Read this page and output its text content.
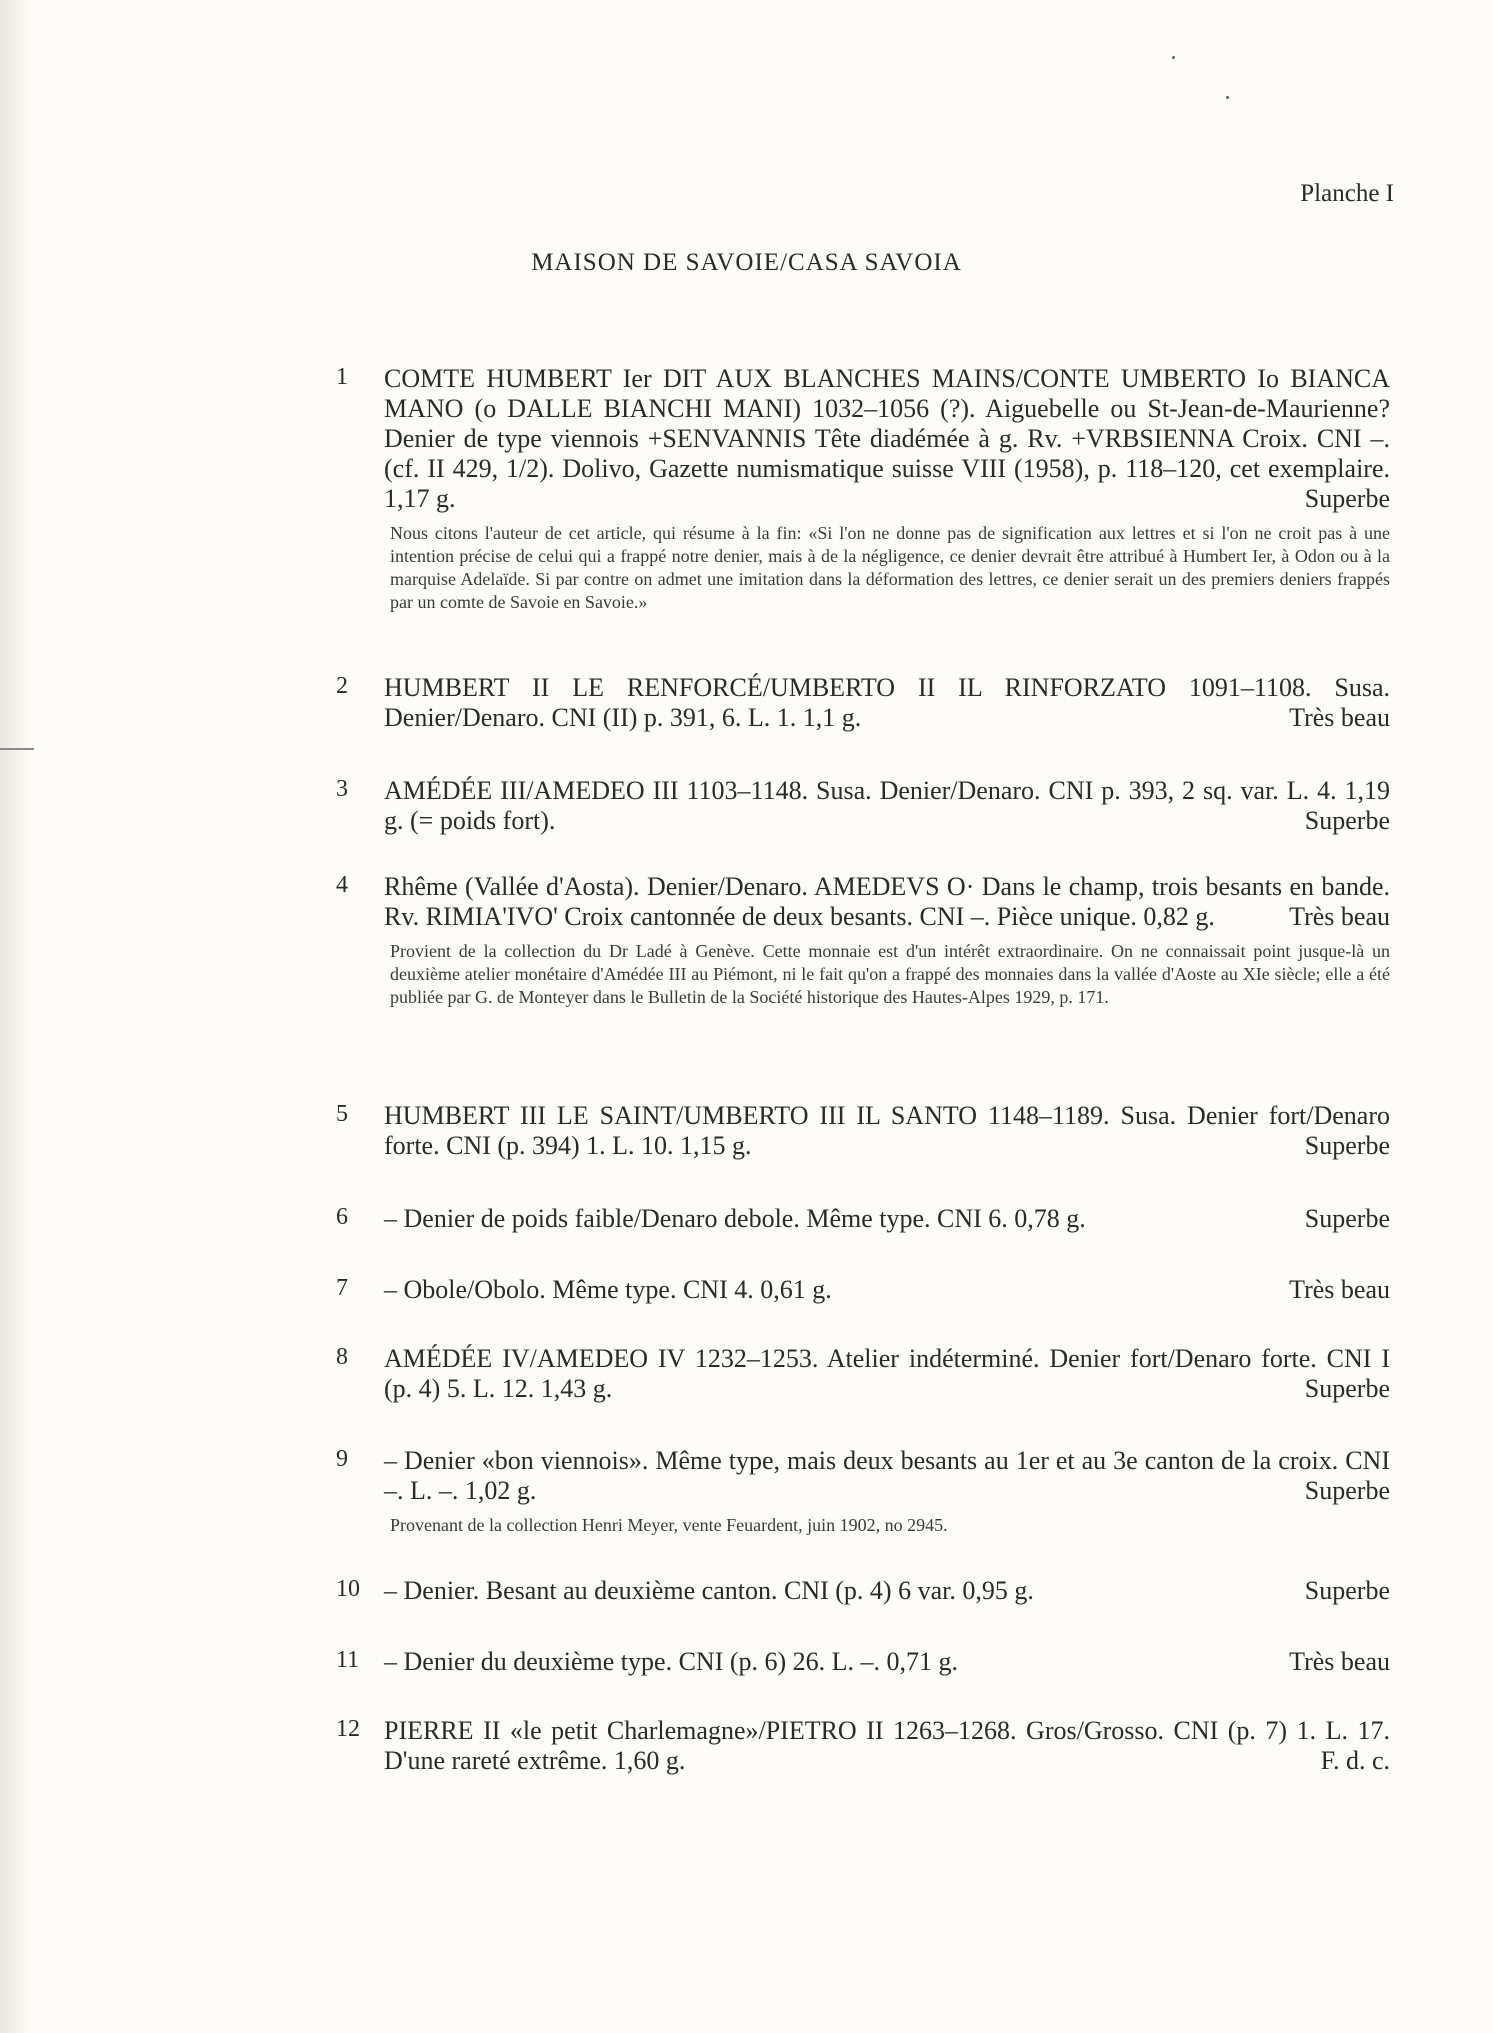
Planche I
MAISON DE SAVOIE/CASA SAVOIA
1	COMTE HUMBERT Ier DIT AUX BLANCHES MAINS/CONTE UMBERTO Io BIANCA MANO (o DALLE BIANCHI MANI) 1032–1056 (?). Aiguebelle ou St-Jean-de-Maurienne? Denier de type viennois +SENVANNIS Tête diadémée à g. Rv. +VRBSIENNA Croix. CNI –. (cf. II 429, 1/2). Dolivo, Gazette numismatique suisse VIII (1958), p. 118–120, cet exemplaire. 1,17 g.	Superbe

Nous citons l'auteur de cet article, qui résume à la fin: «Si l'on ne donne pas de signification aux lettres et si l'on ne croit pas à une intention précise de celui qui a frappé notre denier, mais à de la négligence, ce denier devrait être attribué à Humbert Ier, à Odon ou à la marquise Adelaïde. Si par contre on admet une imitation dans la déformation des lettres, ce denier serait un des premiers deniers frappés par un comte de Savoie en Savoie.»
2	HUMBERT II LE RENFORCÉ/UMBERTO II IL RINFORZATO 1091–1108. Susa. Denier/Denaro. CNI (II) p. 391, 6. L. 1. 1,1 g.	Très beau

3	AMÉDÉE III/AMEDEO III 1103–1148. Susa. Denier/Denaro. CNI p. 393, 2 sq. var. L. 4. 1,19 g. (= poids fort).	Superbe

4	Rhême (Vallée d'Aosta). Denier/Denaro. AMEDEVS O· Dans le champ, trois besants en bande. Rv. RIMIA'IVO' Croix cantonnée de deux besants. CNI –. Pièce unique. 0,82 g.	Très beau

Provient de la collection du Dr Ladé à Genève. Cette monnaie est d'un intérêt extraordinaire. On ne connaissait point jusque-là un deuxième atelier monétaire d'Amédée III au Piémont, ni le fait qu'on a frappé des monnaies dans la vallée d'Aoste au XIe siècle; elle a été publiée par G. de Monteyer dans le Bulletin de la Société historique des Hautes-Alpes 1929, p. 171.
5	HUMBERT III LE SAINT/UMBERTO III IL SANTO 1148–1189. Susa. Denier fort/Denaro forte. CNI (p. 394) 1. L. 10. 1,15 g.	Superbe

6	– Denier de poids faible/Denaro debole. Même type. CNI 6. 0,78 g.	Superbe

7	– Obole/Obolo. Même type. CNI 4. 0,61 g.	Très beau

8	AMÉDÉE IV/AMEDEO IV 1232–1253. Atelier indéterminé. Denier fort/Denaro forte. CNI I (p. 4) 5. L. 12. 1,43 g.	Superbe

9	– Denier «bon viennois». Même type, mais deux besants au 1er et au 3e canton de la croix. CNI –. L. –. 1,02 g.	Superbe

Provenant de la collection Henri Meyer, vente Feuardent, juin 1902, no 2945.
10 – Denier. Besant au deuxième canton. CNI (p. 4) 6 var. 0,95 g.	Superbe

11 – Denier du deuxième type. CNI (p. 6) 26. L. –. 0,71 g.	Très beau

12 PIERRE II «le petit Charlemagne»/PIETRO II 1263–1268. Gros/Grosso. CNI (p. 7) 1. L. 17. D'une rareté extrême. 1,60 g.	F. d. c.
